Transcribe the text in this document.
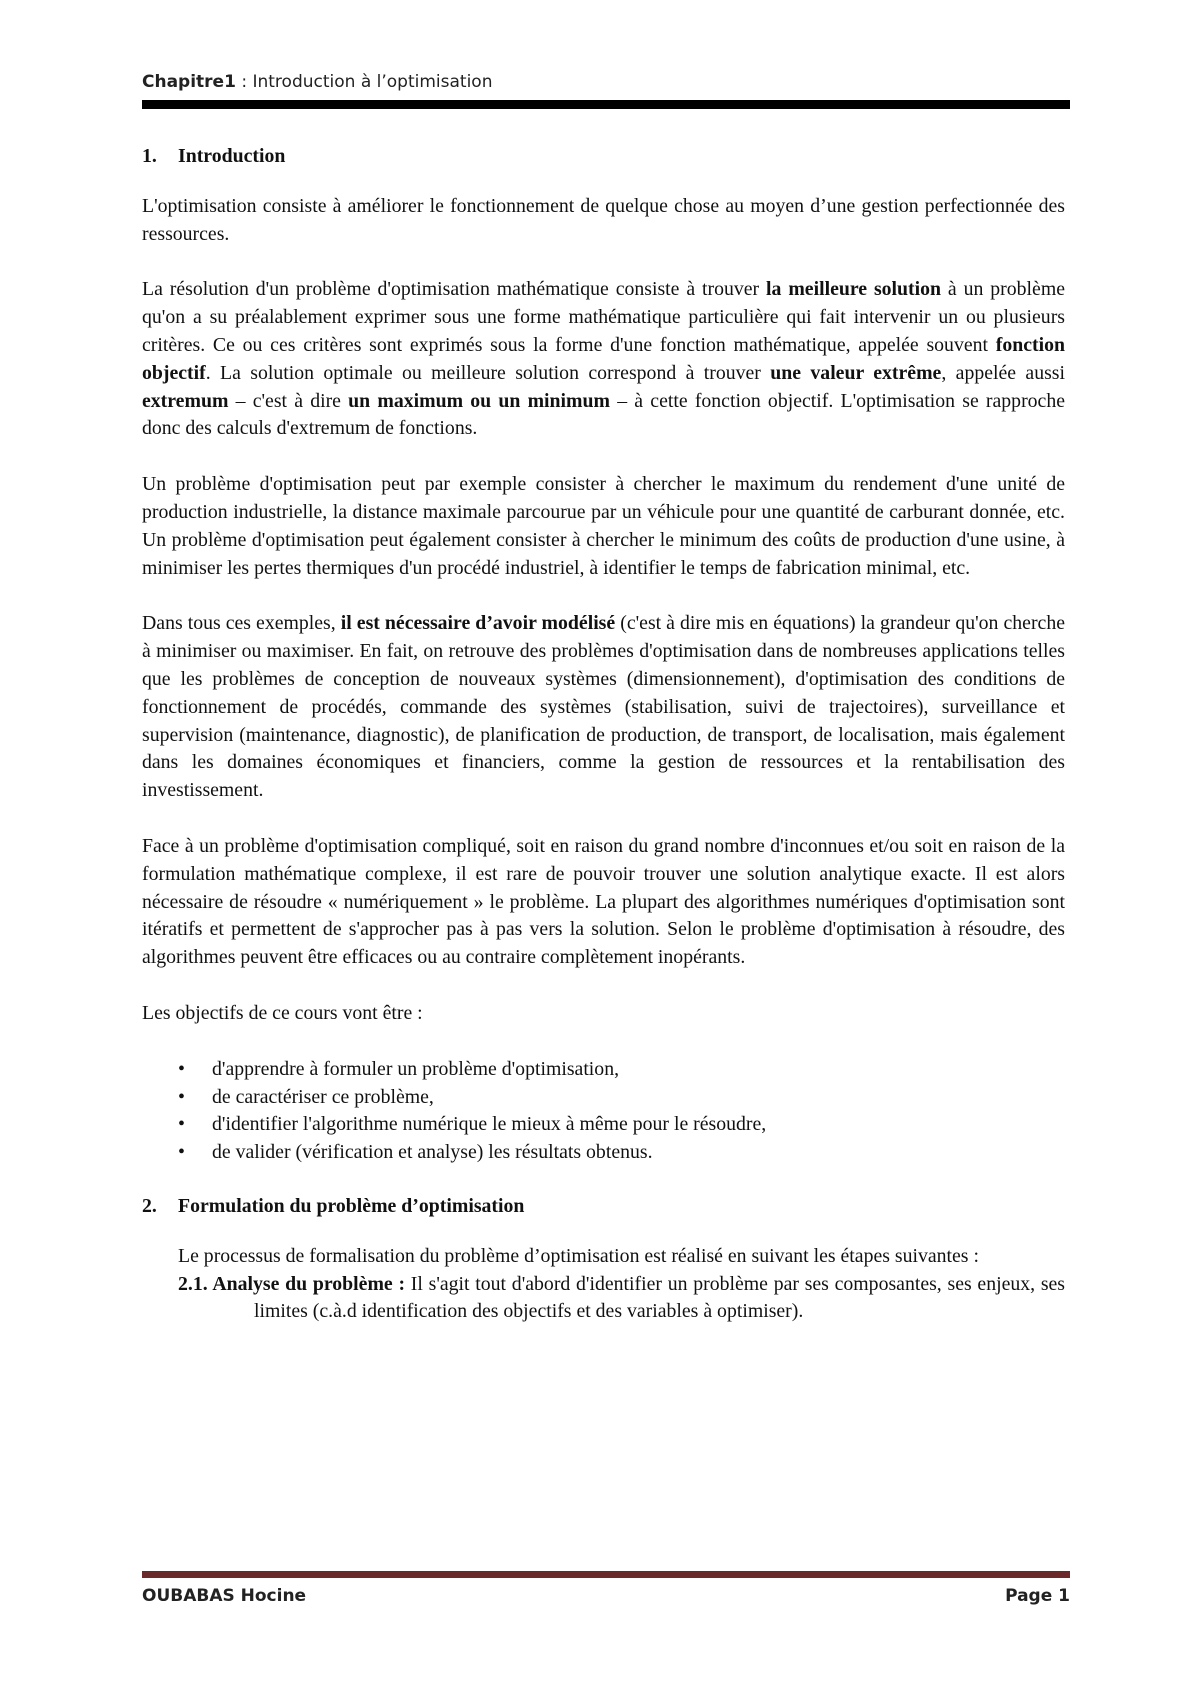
Chapitre1 : Introduction à l’optimisation
1. Introduction

L'optimisation consiste à améliorer le fonctionnement de quelque chose au moyen d’une gestion perfectionnée des ressources.

La résolution d'un problème d'optimisation mathématique consiste à trouver la meilleure solution à un problème qu'on a su préalablement exprimer sous une forme mathématique particulière qui fait intervenir un ou plusieurs critères. Ce ou ces critères sont exprimés sous la forme d'une fonction mathématique, appelée souvent fonction objectif. La solution optimale ou meilleure solution correspond à trouver une valeur extrême, appelée aussi extremum – c'est à dire un maximum ou un minimum – à cette fonction objectif. L'optimisation se rapproche donc des calculs d'extremum de fonctions.

Un problème d'optimisation peut par exemple consister à chercher le maximum du rendement d'une unité de production industrielle, la distance maximale parcourue par un véhicule pour une quantité de carburant donnée, etc. Un problème d'optimisation peut également consister à chercher le minimum des coûts de production d'une usine, à minimiser les pertes thermiques d'un procédé industriel, à identifier le temps de fabrication minimal, etc.

Dans tous ces exemples, il est nécessaire d’avoir modélisé (c'est à dire mis en équations) la grandeur qu'on cherche à minimiser ou maximiser. En fait, on retrouve des problèmes d'optimisation dans de nombreuses applications telles que les problèmes de conception de nouveaux systèmes (dimensionnement), d'optimisation des conditions de fonctionnement de procédés, commande des systèmes (stabilisation, suivi de trajectoires), surveillance et supervision (maintenance, diagnostic), de planification de production, de transport, de localisation, mais également dans les domaines économiques et financiers, comme la gestion de ressources et la rentabilisation des investissement.

Face à un problème d'optimisation compliqué, soit en raison du grand nombre d'inconnues et/ou soit en raison de la formulation mathématique complexe, il est rare de pouvoir trouver une solution analytique exacte. Il est alors nécessaire de résoudre « numériquement » le problème. La plupart des algorithmes numériques d'optimisation sont itératifs et permettent de s'approcher pas à pas vers la solution. Selon le problème d'optimisation à résoudre, des algorithmes peuvent être efficaces ou au contraire complètement inopérants.

Les objectifs de ce cours vont être :

• d'apprendre à formuler un problème d'optimisation,
• de caractériser ce problème,
• d'identifier l'algorithme numérique le mieux à même pour le résoudre,
• de valider (vérification et analyse) les résultats obtenus.
2. Formulation du problème d’optimisation

Le processus de formalisation du problème d’optimisation est réalisé en suivant les étapes suivantes :

2.1. Analyse du problème : Il s'agit tout d'abord d'identifier un problème par ses composantes, ses enjeux, ses limites (c.à.d identification des objectifs et des variables à optimiser).

OUBABAS Hocine	Page 1
